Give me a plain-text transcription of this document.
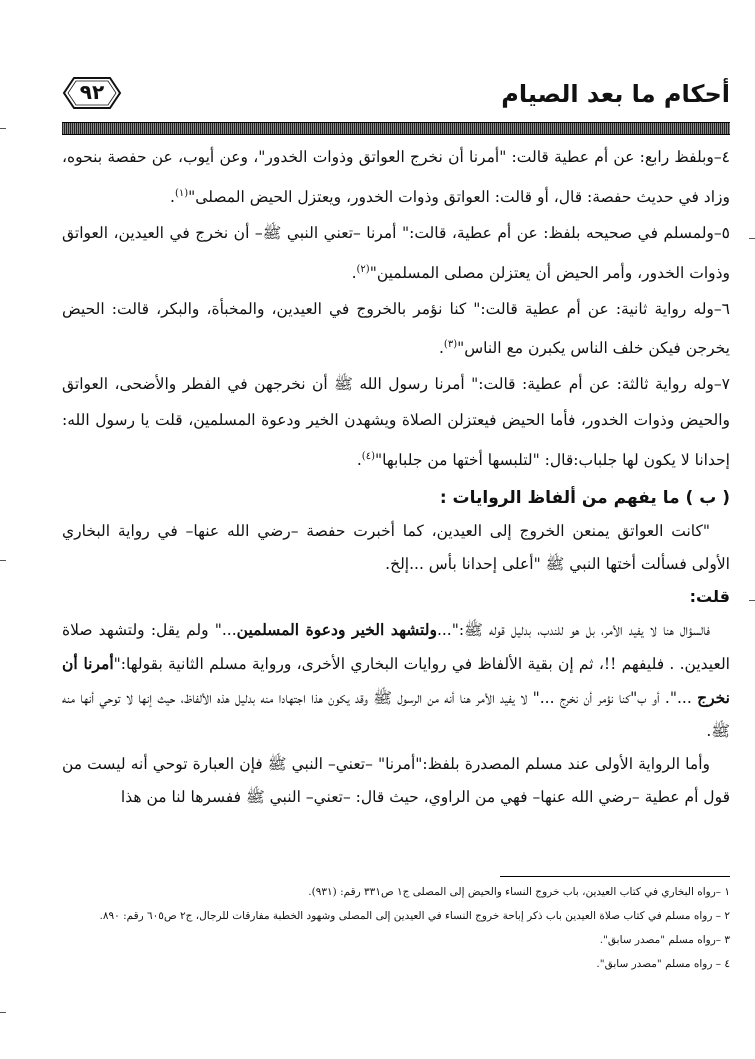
أحكام ما بعد الصيام
٩٢

٤–وبلفظ رابع: عن أم عطية قالت: "أمرنا أن نخرج العواتق وذوات الخدور"، وعن أيوب، عن حفصة بنحوه، وزاد في حديث حفصة: قال، أو قالت: العواتق وذوات الخدور، ويعتزل الحيض المصلى"$^{(١)}$.

٥–ولمسلم في صحيحه بلفظ: عن أم عطية، قالت:" أمرنا –تعني النبي ﷺ– أن نخرج في العيدين، العواتق وذوات الخدور، وأمر الحيض أن يعتزلن مصلى المسلمين"$^{(٢)}$.

٦–وله رواية ثانية: عن أم عطية قالت:" كنا نؤمر بالخروج في العيدين، والمخبأة، والبكر، قالت: الحيض يخرجن فيكن خلف الناس يكبرن مع الناس"$^{(٣)}$.

٧–وله رواية ثالثة: عن أم عطية: قالت:" أمرنا رسول الله ﷺ أن نخرجهن في الفطر والأضحى، العواتق والحيض وذوات الخدور، فأما الحيض فيعتزلن الصلاة ويشهدن الخير ودعوة المسلمين، قلت يا رسول الله: إحدانا لا يكون لها جلباب:قال: "لتلبسها أختها من جلبابها"$^{(٤)}$.

( ب ) ما يفهم من ألفاظ الروايات :

"كانت العواتق يمنعن الخروج إلى العيدين، كما أخبرت حفصة –رضي الله عنها– في رواية البخاري الأولى فسألت أختها النبي ﷺ "أعلى إحدانا بأس ...إلخ.

قلت:

فالسؤال هنا لا يفيد الأمر، بل هو للندب، بدليل قوله ﷺ:"...ولتشهد الخير ودعوة المسلمين..." ولم يقل: ولتشهد صلاة العيدين. . فليفهم !!، ثم إن بقية الألفاظ في روايات البخاري الأخرى، ورواية مسلم الثانية بقولها:"أمرنا أن نخرج ...". أو ب"كنا نؤمر أن نخرج ..." لا يفيد الأمر هنا أنه من الرسول ﷺ وقد يكون هذا اجتهادا منه بدليل هذه الألفاظ، حيث إنها لا توحي أنها منه ﷺ.

وأما الرواية الأولى عند مسلم المصدرة بلفظ:"أمرنا" –تعني– النبي ﷺ فإن العبارة توحي أنه ليست من قول أم عطية –رضي الله عنها– فهي من الراوي، حيث قال: –تعني– النبي ﷺ ففسرها لنا من هذا

١ –رواه البخاري في كتاب العيدين، باب خروج النساء والحيض إلى المصلى ج١ ص٣٣١ رقم: (٩٣١).

٢ – رواه مسلم في كتاب صلاة العيدين باب ذكر إباحة خروج النساء في العيدين إلى المصلى وشهود الخطبة مفارقات للرجال، ج٢ ص٦٠٥ رقم: ٨٩٠.

٣ –رواه مسلم "مصدر سابق".

٤ – رواه مسلم "مصدر سابق".
